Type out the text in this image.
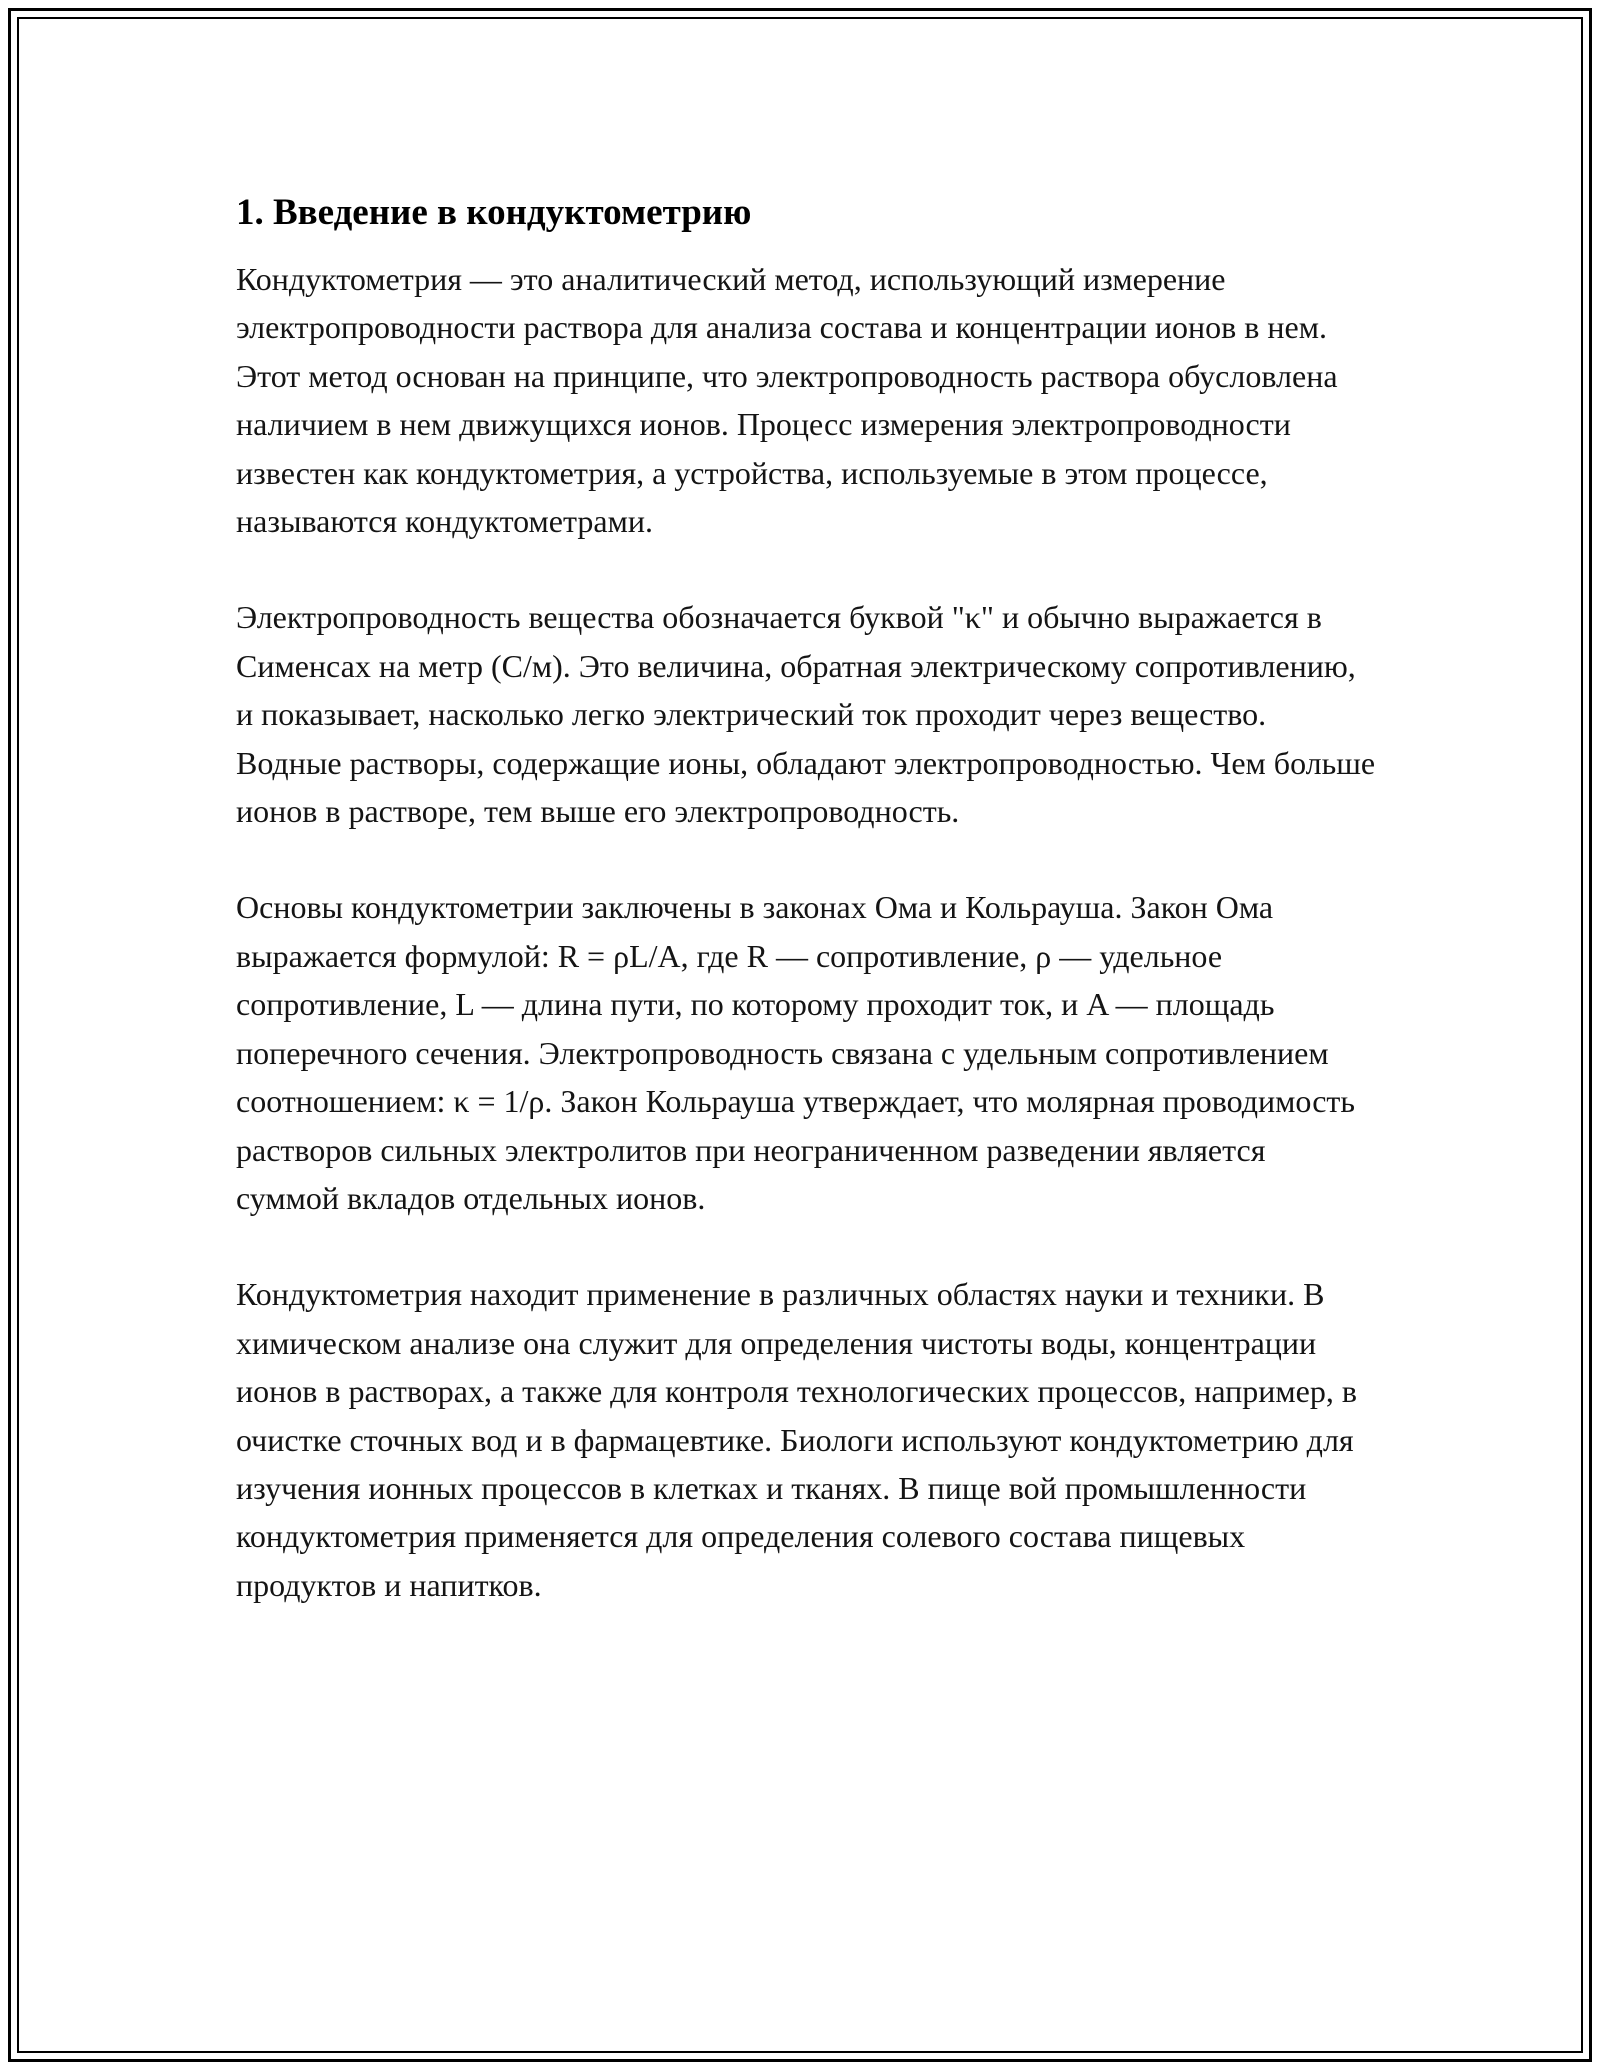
1. Введение в кондуктометрию

Кондуктометрия — это аналитический метод, использующий измерение электропроводности раствора для анализа состава и концентрации ионов в нем. Этот метод основан на принципе, что электропроводность раствора обусловлена наличием в нем движущихся ионов. Процесс измерения электропроводности известен как кондуктометрия, а устройства, используемые в этом процессе, называются кондуктометрами.

Электропроводность вещества обозначается буквой "κ" и обычно выражается в Сименсах на метр (С/м). Это величина, обратная электрическому сопротивлению, и показывает, насколько легко электрический ток проходит через вещество. Водные растворы, содержащие ионы, обладают электропроводностью. Чем больше ионов в растворе, тем выше его электропроводность.

Основы кондуктометрии заключены в законах Ома и Кольрауша. Закон Ома выражается формулой: R = ρL/A, где R — сопротивление, ρ — удельное сопротивление, L — длина пути, по которому проходит ток, и A — площадь поперечного сечения. Электропроводность связана с удельным сопротивлением соотношением: κ = 1/ρ. Закон Кольрауша утверждает, что молярная проводимость растворов сильных электролитов при неограниченном разведении является суммой вкладов отдельных ионов.

Кондуктометрия находит применение в различных областях науки и техники. В химическом анализе она служит для определения чистоты воды, концентрации ионов в растворах, а также для контроля технологических процессов, например, в очистке сточных вод и в фармацевтике. Биологи используют кондуктометрию для изучения ионных процессов в клетках и тканях. В пище вой промышленности кондуктометрия применяется для определения солевого состава пищевых продуктов и напитков.
